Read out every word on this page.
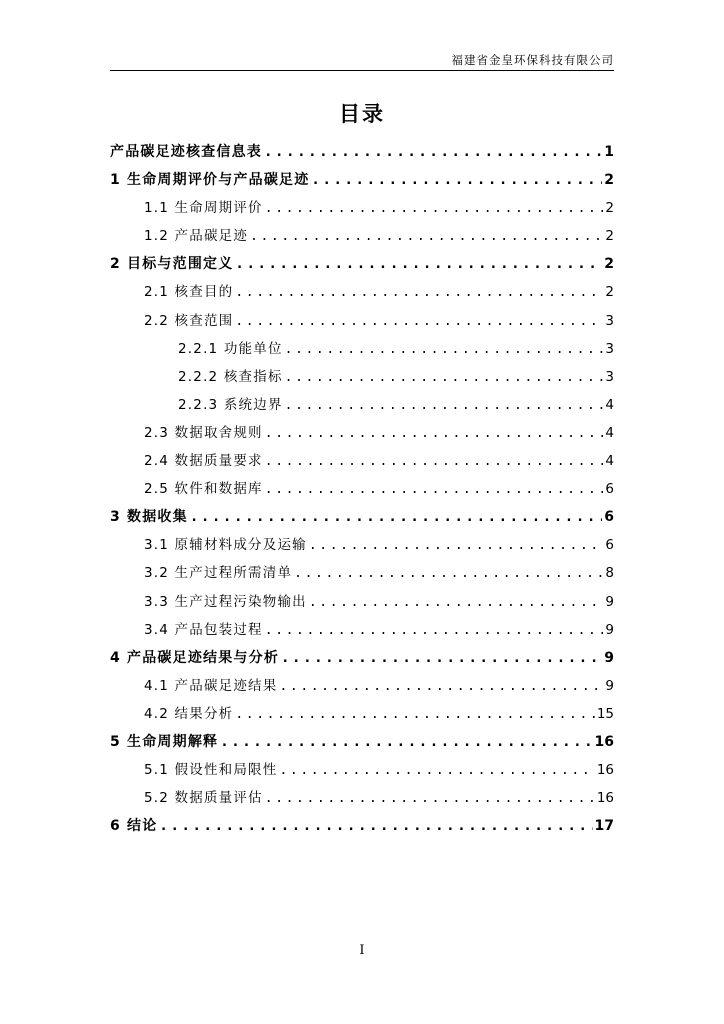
福建省金皇环保科技有限公司
目录
产品碳足迹核查信息表 .....	1
1 生命周期评价与产品碳足迹 .....	2
1.1 生命周期评价 .....	2
1.2 产品碳足迹 .....	2
2 目标与范围定义 .....	2
2.1 核查目的 .....	2
2.2 核查范围 .....	3
2.2.1 功能单位 .....	3
2.2.2 核查指标 .....	3
2.2.3 系统边界 .....	4
2.3 数据取舍规则 .....	4
2.4 数据质量要求 .....	4
2.5 软件和数据库 .....	6
3 数据收集 .....	6
3.1 原辅材料成分及运输 .....	6
3.2 生产过程所需清单 .....	8
3.3 生产过程污染物输出 .....	9
3.4 产品包装过程 .....	9
4 产品碳足迹结果与分析 .....	9
4.1 产品碳足迹结果 .....	9
4.2 结果分析 .....	15
5 生命周期解释 .....	16
5.1 假设性和局限性 .....	16
5.2 数据质量评估 .....	16
6 结论 .....	17
I
